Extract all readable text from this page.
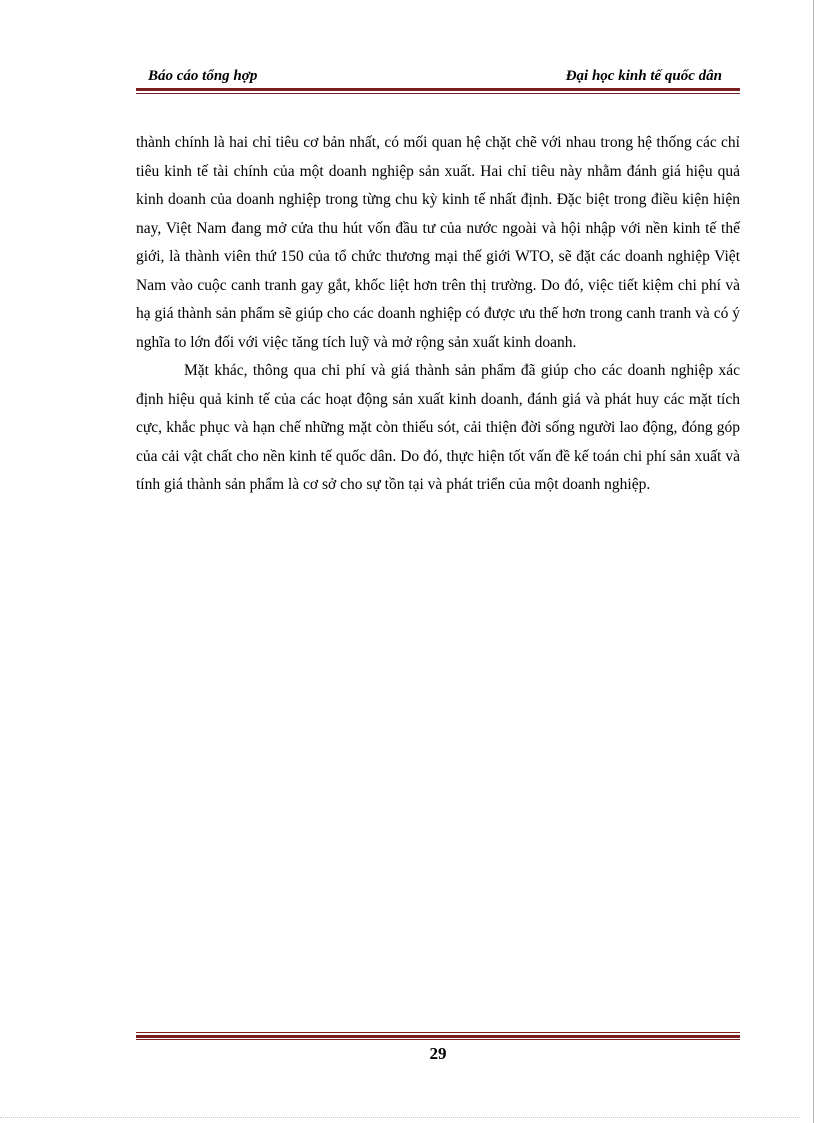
Báo cáo tổng hợp	Đại học kinh tế quốc dân

thành chính là hai chỉ tiêu cơ bản nhất, có mối quan hệ chặt chẽ với nhau trong hệ thống các chỉ tiêu kinh tế tài chính của một doanh nghiệp sản xuất. Hai chỉ tiêu này nhằm đánh giá hiệu quả kinh doanh của doanh nghiệp trong từng chu kỳ kinh tế nhất định. Đặc biệt trong điều kiện hiện nay, Việt Nam đang mở cửa thu hút vốn đầu tư của nước ngoài và hội nhập với nền kinh tế thế giới, là thành viên thứ 150 của tổ chức thương mại thế giới WTO, sẽ đặt các doanh nghiệp Việt Nam vào cuộc canh tranh gay gắt, khốc liệt hơn trên thị trường. Do đó, việc tiết kiệm chi phí và hạ giá thành sản phẩm sẽ giúp cho các doanh nghiệp có được ưu thế hơn trong canh tranh và có ý nghĩa to lớn đối với việc tăng tích luỹ và mở rộng sản xuất kinh doanh.

Mặt khác, thông qua chi phí và giá thành sản phẩm đã giúp cho các doanh nghiệp xác định hiệu quả kinh tế của các hoạt động sản xuất kinh doanh, đánh giá và phát huy các mặt tích cực, khắc phục và hạn chế những mặt còn thiếu sót, cải thiện đời sống người lao động, đóng góp của cải vật chất cho nền kinh tế quốc dân. Do đó, thực hiện tốt vấn đề kế toán chi phí sản xuất và tính giá thành sản phẩm là cơ sở cho sự tồn tại và phát triển của một doanh nghiệp.

29
